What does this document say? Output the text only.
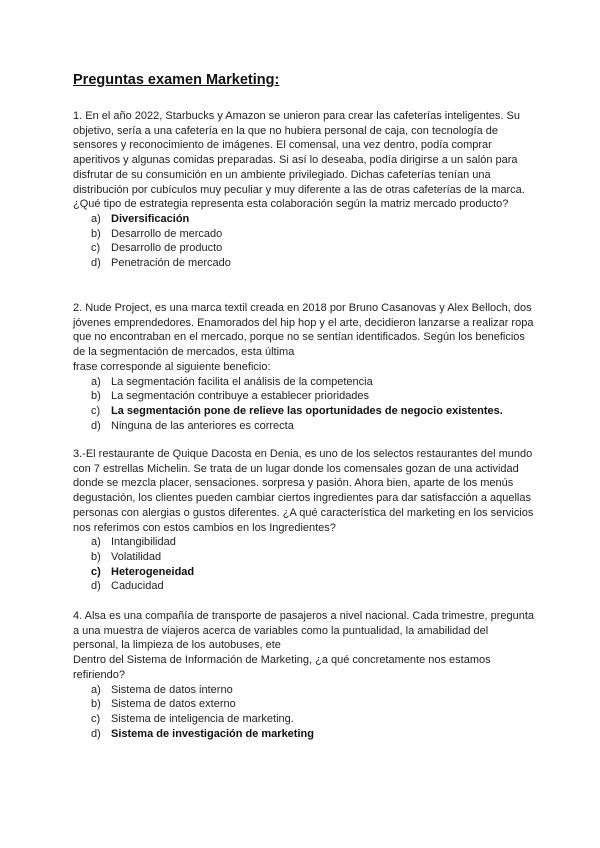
Preguntas examen Marketing:

1. En el año 2022, Starbucks y Amazon se unieron para crear las cafeterías inteligentes. Su objetivo, sería a una cafetería en la que no hubiera personal de caja, con tecnología de sensores y reconocimiento de imágenes. El comensal, una vez dentro, podía comprar aperitivos y algunas comidas preparadas. Si así lo deseaba, podía dirigirse a un salón para disfrutar de su consumición en un ambiente privilegiado. Dichas cafeterías tenían una distribución por cubículos muy peculiar y muy diferente a las de otras cafeterías de la marca. ¿Qué tipo de estrategia representa esta colaboración según la matriz mercado producto?

a) Diversificación
b) Desarrollo de mercado
c) Desarrollo de producto
d) Penetración de mercado

2. Nude Project, es una marca textil creada en 2018 por Bruno Casanovas y Alex Belloch, dos jóvenes emprendedores. Enamorados del hip hop y el arte, decidieron lanzarse a realizar ropa que no encontraban en el mercado, porque no se sentían identificados. Según los beneficios de la segmentación de mercados, esta última

frase corresponde al siguiente beneficio:

a) La segmentación facilita el análisis de la competencia
b) La segmentación contribuye a establecer prioridades
c) La segmentación pone de relieve las oportunidades de negocio existentes.
d) Ninguna de las anteriores es correcta

3.-El restaurante de Quique Dacosta en Denia, es uno de los selectos restaurantes del mundo con 7 estrellas Michelin. Se trata de un lugar donde los comensales gozan de una actividad donde se mezcla placer, sensaciones. sorpresa y pasión. Ahora bien, aparte de los menús degustación, los clientes pueden cambiar ciertos ingredientes para dar satisfacción a aquellas personas con alergias o gustos diferentes. ¿A qué característica del marketing en los servicios nos referimos con estos cambios en los Ingredientes?

a) Intangibilidad
b) Volatilidad
c) Heterogeneidad
d) Caducidad

4. Alsa es una compañía de transporte de pasajeros a nivel nacional. Cada trimestre, pregunta a una muestra de viajeros acerca de variables como la puntualidad, la amabilidad del personal, la limpieza de los autobuses, ete

Dentro del Sistema de Información de Marketing, ¿a qué concretamente nos estamos refiriendo?

a) Sistema de datos interno
b) Sistema de datos externo
c) Sistema de inteligencia de marketing.
d) Sistema de investigación de marketing
